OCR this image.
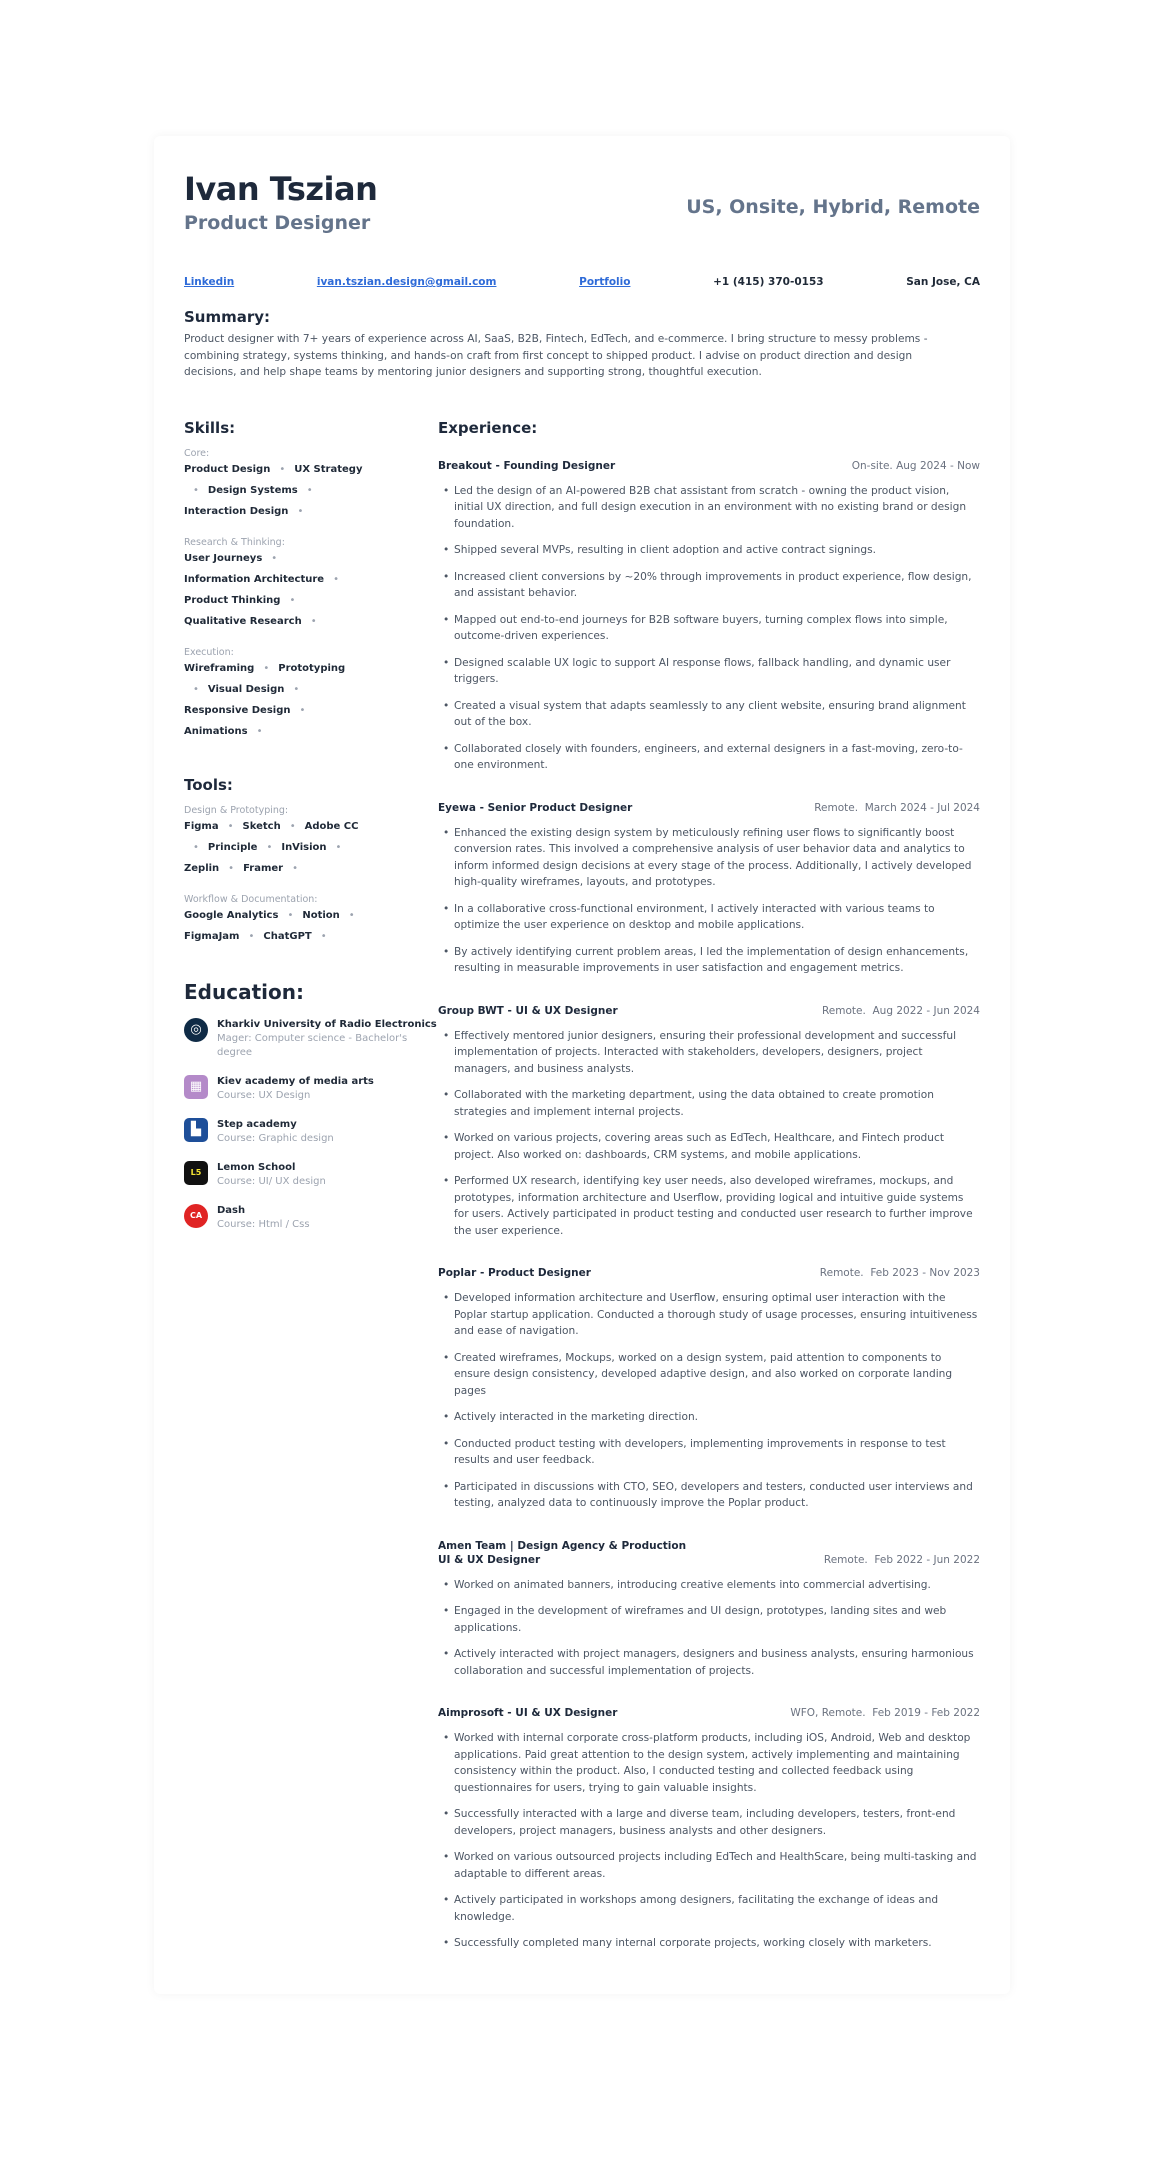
Ivan Tszian
Product Designer
US, Onsite, Hybrid, Remote
Linkedin	ivan.tszian.design@gmail.com	Portfolio	+1 (415) 370-0153	San Jose, CA
Summary:
Product designer with 7+ years of experience across AI, SaaS, B2B, Fintech, EdTech, and e-commerce. I bring structure to messy problems - combining strategy, systems thinking, and hands-on craft from first concept to shipped product. I advise on product direction and design decisions, and help shape teams by mentoring junior designers and supporting strong, thoughtful execution.
Skills:
Core:
Product Design • UX Strategy
• Design Systems •
Interaction Design •
Research & Thinking:
User Journeys •
Information Architecture •
Product Thinking •
Qualitative Research •
Execution:
Wireframing • Prototyping
• Visual Design •
Responsive Design •
Animations •
Tools:
Design & Prototyping:
Figma • Sketch • Adobe CC
• Principle • InVision •
Zeplin • Framer •
Workflow & Documentation:
Google Analytics • Notion •
FigmaJam • ChatGPT •
Education:
◎	Kharkiv University of Radio Electronics
Mager: Computer science - Bachelor's degree
▦	Kiev academy of media arts
Course: UX Design
▙	Step academy
Course: Graphic design
L5	Lemon School
Course: UI/ UX design
CA	Dash
Course: Html / Css
Experience:
Breakout - Founding Designer	On-site. Aug 2024 - Now
• Led the design of an AI-powered B2B chat assistant from scratch - owning the product vision, initial UX direction, and full design execution in an environment with no existing brand or design foundation.
• Shipped several MVPs, resulting in client adoption and active contract signings.
• Increased client conversions by ~20% through improvements in product experience, flow design, and assistant behavior.
• Mapped out end-to-end journeys for B2B software buyers, turning complex flows into simple, outcome-driven experiences.
• Designed scalable UX logic to support AI response flows, fallback handling, and dynamic user triggers.
• Created a visual system that adapts seamlessly to any client website, ensuring brand alignment out of the box.
• Collaborated closely with founders, engineers, and external designers in a fast-moving, zero-to-one environment.
Eyewa - Senior Product Designer	Remote.  March 2024 - Jul 2024
• Enhanced the existing design system by meticulously refining user flows to significantly boost conversion rates. This involved a comprehensive analysis of user behavior data and analytics to inform informed design decisions at every stage of the process. Additionally, I actively developed high-quality wireframes, layouts, and prototypes.
• In a collaborative cross-functional environment, I actively interacted with various teams to optimize the user experience on desktop and mobile applications.
• By actively identifying current problem areas, I led the implementation of design enhancements, resulting in measurable improvements in user satisfaction and engagement metrics.
Group BWT - UI & UX Designer	Remote.  Aug 2022 - Jun 2024
• Effectively mentored junior designers, ensuring their professional development and successful implementation of projects. Interacted with stakeholders, developers, designers, project managers, and business analysts.
• Collaborated with the marketing department, using the data obtained to create promotion strategies and implement internal projects.
• Worked on various projects, covering areas such as EdTech, Healthcare, and Fintech product project. Also worked on: dashboards, CRM systems, and mobile applications.
• Performed UX research, identifying key user needs, also developed wireframes, mockups, and prototypes, information architecture and Userflow, providing logical and intuitive guide systems for users. Actively participated in product testing and conducted user research to further improve the user experience.
Poplar - Product Designer	Remote.  Feb 2023 - Nov 2023
• Developed information architecture and Userflow, ensuring optimal user interaction with the Poplar startup application. Conducted a thorough study of usage processes, ensuring intuitiveness and ease of navigation.
• Created wireframes, Mockups, worked on a design system, paid attention to components to ensure design consistency, developed adaptive design, and also worked on corporate landing pages
• Actively interacted in the marketing direction.
• Conducted product testing with developers, implementing improvements in response to test results and user feedback.
• Participated in discussions with CTO, SEO, developers and testers, conducted user interviews and testing, analyzed data to continuously improve the Poplar product.
Amen Team | Design Agency & Production
UI & UX Designer	Remote.  Feb 2022 - Jun 2022
• Worked on animated banners, introducing creative elements into commercial advertising.
• Engaged in the development of wireframes and UI design, prototypes, landing sites and web applications.
• Actively interacted with project managers, designers and business analysts, ensuring harmonious collaboration and successful implementation of projects.
Aimprosoft - UI & UX Designer	WFO, Remote.  Feb 2019 - Feb 2022
• Worked with internal corporate cross-platform products, including iOS, Android, Web and desktop applications. Paid great attention to the design system, actively implementing and maintaining consistency within the product. Also, I conducted testing and collected feedback using questionnaires for users, trying to gain valuable insights.
• Successfully interacted with a large and diverse team, including developers, testers, front-end developers, project managers, business analysts and other designers.
• Worked on various outsourced projects including EdTech and HealthScare, being multi-tasking and adaptable to different areas.
• Actively participated in workshops among designers, facilitating the exchange of ideas and knowledge.
• Successfully completed many internal corporate projects, working closely with marketers.
